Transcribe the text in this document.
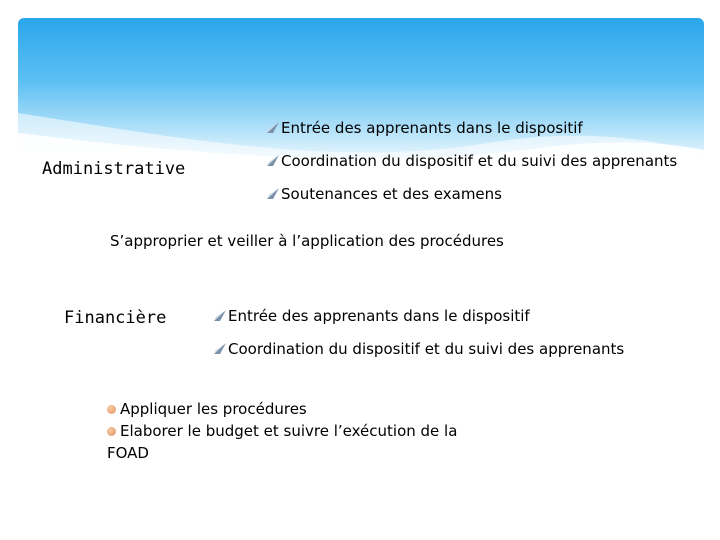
Entrée des apprenants dans le dispositif
Administrative	Coordination du dispositif et du suivi des apprenants
Soutenances et des examens
S’approprier et veiller à l’application des procédures
Financière	Entrée des apprenants dans le dispositif
Coordination du dispositif et du suivi des apprenants
Appliquer les procédures
Elaborer le budget et suivre l’exécution de la
FOAD
